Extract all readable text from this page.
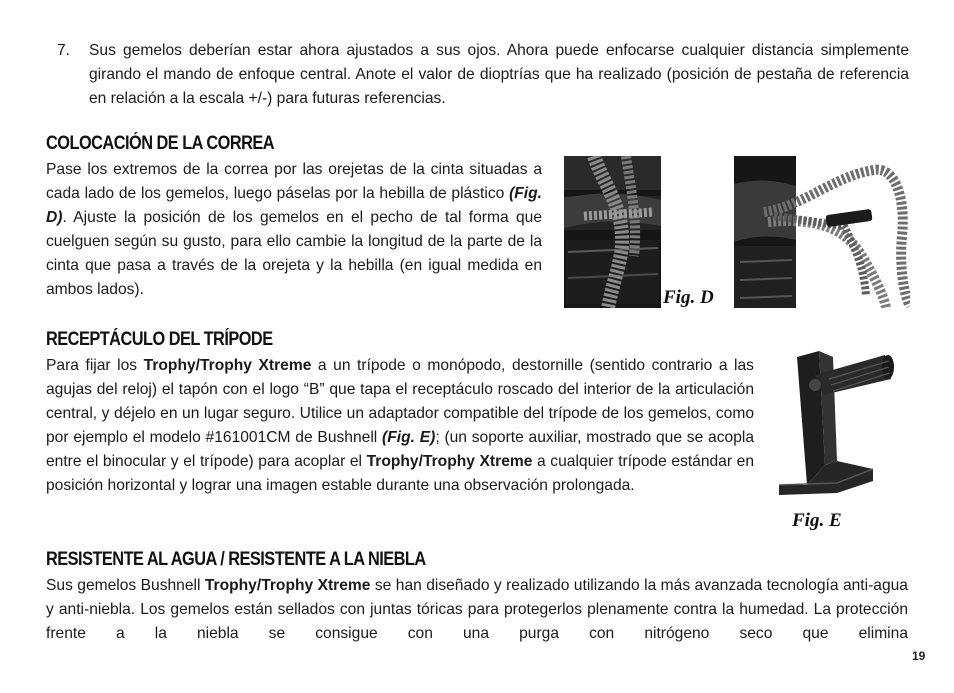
7. Sus gemelos deberían estar ahora ajustados a sus ojos. Ahora puede enfocarse cualquier distancia simplemente girando el mando de enfoque central. Anote el valor de dioptrías que ha realizado (posición de pestaña de referencia en relación a la escala +/-) para futuras referencias.

COLOCACIÓN DE LA CORREA

Pase los extremos de la correa por las orejetas de la cinta situadas a cada lado de los gemelos, luego páselas por la hebilla de plástico (Fig. D). Ajuste la posición de los gemelos en el pecho de tal forma que cuelguen según su gusto, para ello cambie la longitud de la parte de la cinta que pasa a través de la orejeta y la hebilla (en igual medida en ambos lados).	Fig. D
RECEPTÁCULO DEL TRÍPODE

Para fijar los Trophy/Trophy Xtreme a un trípode o monópodo, destornille (sentido contrario a las agujas del reloj) el tapón con el logo “B” que tapa el receptáculo roscado del interior de la articulación central, y déjelo en un lugar seguro. Utilice un adaptador compatible del trípode de los gemelos, como por ejemplo el modelo #161001CM de Bushnell (Fig. E); (un soporte auxiliar, mostrado que se acopla entre el binocular y el trípode) para acoplar el Trophy/Trophy Xtreme a cualquier trípode estándar en posición horizontal y lograr una imagen estable durante una observación prolongada.

Fig. E
RESISTENTE AL AGUA / RESISTENTE A LA NIEBLA

Sus gemelos Bushnell Trophy/Trophy Xtreme se han diseñado y realizado utilizando la más avanzada tecnología anti-agua y anti-niebla. Los gemelos están sellados con juntas tóricas para protegerlos plenamente contra la humedad. La protección frente a la niebla se consigue con una purga con nitrógeno seco que elimina

19
